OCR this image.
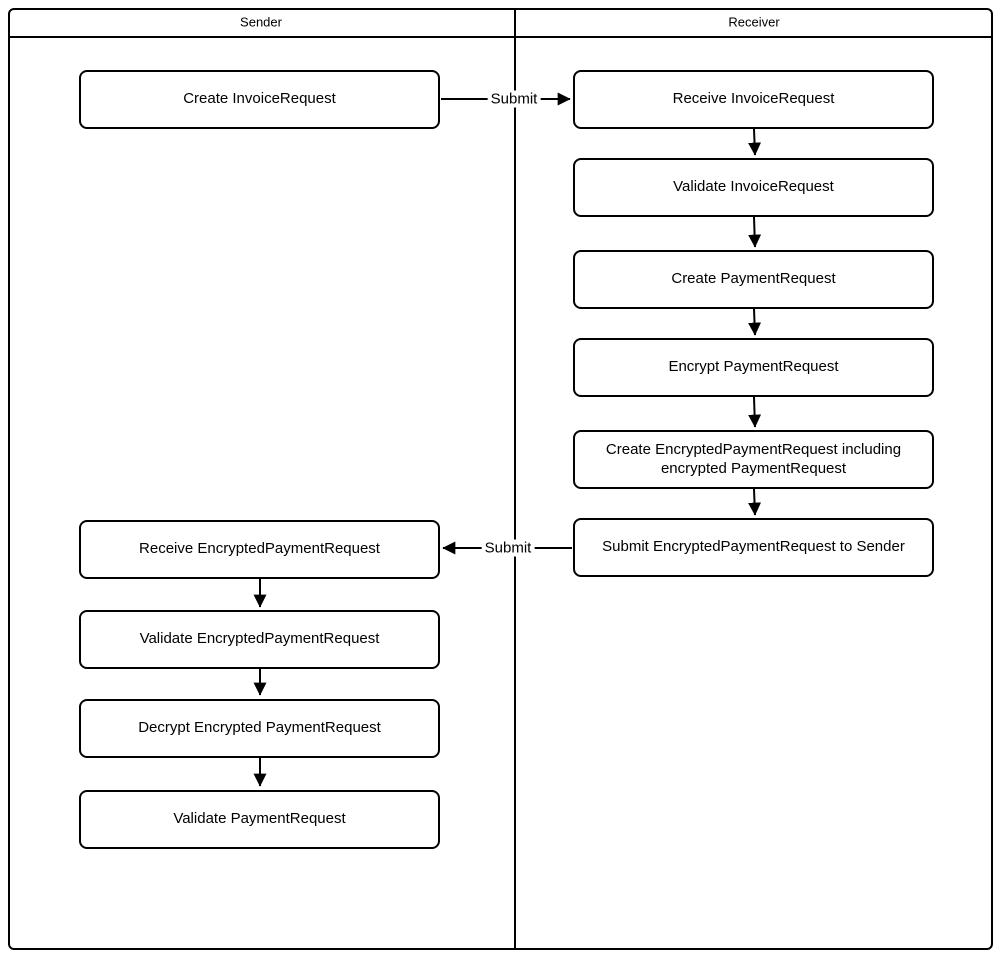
Sender	Receiver
Create InvoiceRequest
Receive EncryptedPaymentRequest
Validate EncryptedPaymentRequest
Decrypt Encrypted PaymentRequest
Validate PaymentRequest
Receive InvoiceRequest
Validate InvoiceRequest
Create PaymentRequest
Encrypt PaymentRequest
Create EncryptedPaymentRequest including encrypted PaymentRequest
Submit EncryptedPaymentRequest to Sender
Submit
Submit
